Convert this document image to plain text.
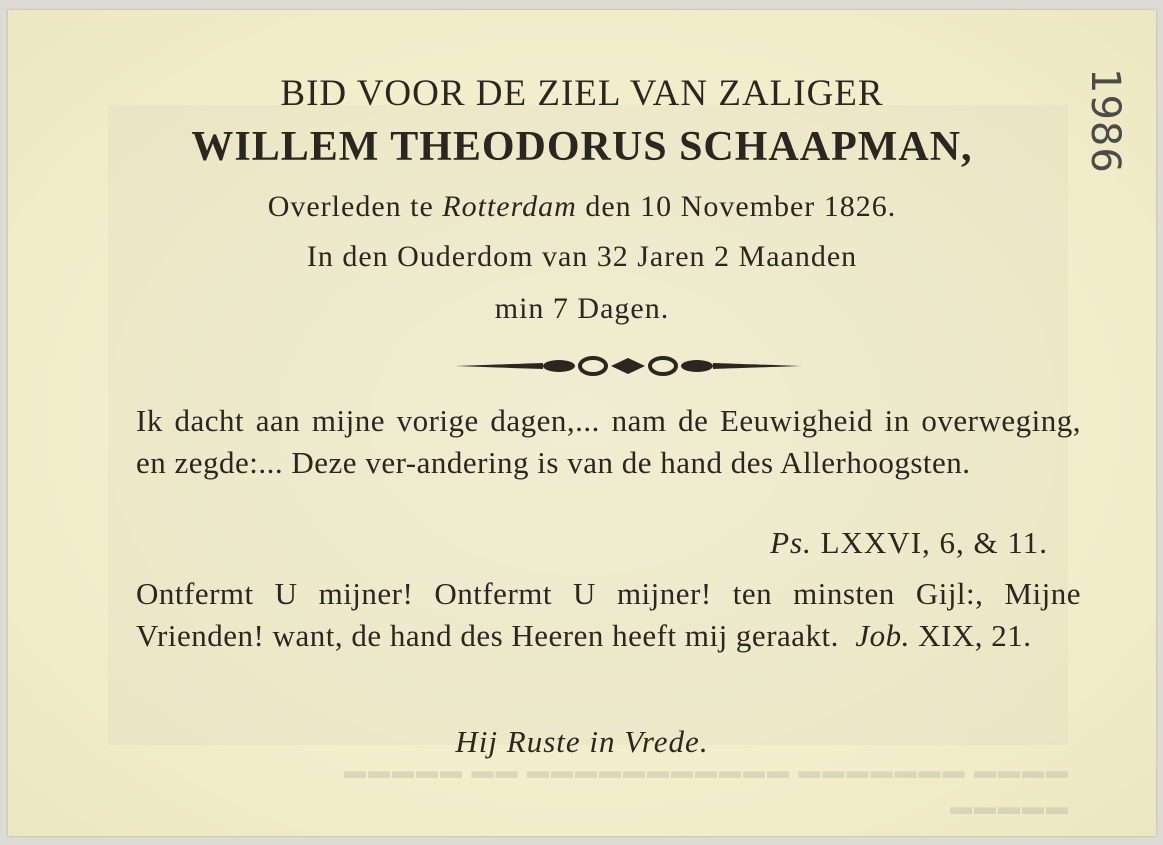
▬▬▬▬ ▬▬▬▬▬▬▬ ▬▬▬▬▬▬▬▬▬▬▬ ▬▬ ▬▬▬▬▬
▬▬▬▬▬
BID VOOR DE ZIEL VAN ZALIGER
WILLEM THEODORUS SCHAAPMAN,
Overleden te Rotterdam den 10 November 1826.
In den Ouderdom van 32 Jaren 2 Maanden
min 7 Dagen.
Ik dacht aan mijne vorige dagen,... nam de Eeuwigheid in overweging, en zegde:... Deze ver-andering is van de hand des Allerhoogsten.
Ps. LXXVI, 6, & 11.
Ontfermt U mijner! Ontfermt U mijner! ten minsten Gijl:, Mijne Vrienden! want, de hand des Heeren heeft mij geraakt. Job. XIX, 21.
Hij Ruste in Vrede.
1986
